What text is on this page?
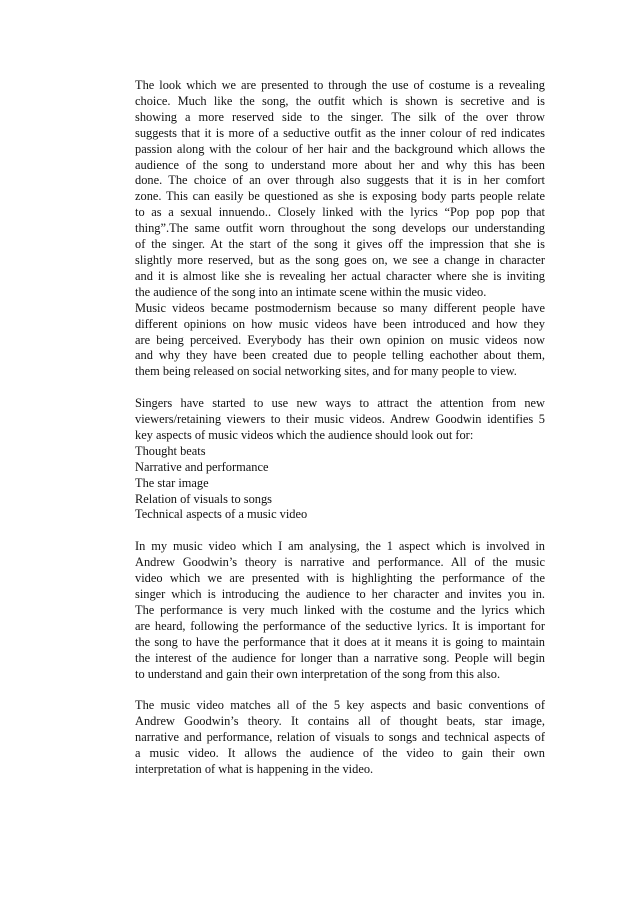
The look which we are presented to through the use of costume is a revealing
choice. Much like the song, the outfit which is shown is secretive and is
showing a more reserved side to the singer. The silk of the over throw
suggests that it is more of a seductive outfit as the inner colour of red indicates
passion along with the colour of her hair and the background which allows the
audience of the song to understand more about her and why this has been
done. The choice of an over through also suggests that it is in her comfort
zone. This can easily be questioned as she is exposing body parts people relate
to as a sexual innuendo.. Closely linked with the lyrics “Pop pop pop that
thing”.The same outfit worn throughout the song develops our understanding
of the singer. At the start of the song it gives off the impression that she is
slightly more reserved, but as the song goes on, we see a change in character
and it is almost like she is revealing her actual character where she is inviting
the audience of the song into an intimate scene within the music video.
Music videos became postmodernism because so many different people have
different opinions on how music videos have been introduced and how they
are being perceived. Everybody has their own opinion on music videos now
and why they have been created due to people telling eachother about them,
them being released on social networking sites, and for many people to view.

Singers have started to use new ways to attract the attention from new
viewers/retaining viewers to their music videos. Andrew Goodwin identifies 5
key aspects of music videos which the audience should look out for:

Thought beats
Narrative and performance
The star image
Relation of visuals to songs
Technical aspects of a music video

In my music video which I am analysing, the 1 aspect which is involved in
Andrew Goodwin’s theory is narrative and performance. All of the music
video which we are presented with is highlighting the performance of the
singer which is introducing the audience to her character and invites you in.
The performance is very much linked with the costume and the lyrics which
are heard, following the performance of the seductive lyrics. It is important for
the song to have the performance that it does at it means it is going to maintain
the interest of the audience for longer than a narrative song. People will begin
to understand and gain their own interpretation of the song from this also.

The music video matches all of the 5 key aspects and basic conventions of
Andrew Goodwin’s theory. It contains all of thought beats, star image,
narrative and performance, relation of visuals to songs and technical aspects of
a music video. It allows the audience of the video to gain their own
interpretation of what is happening in the video.
